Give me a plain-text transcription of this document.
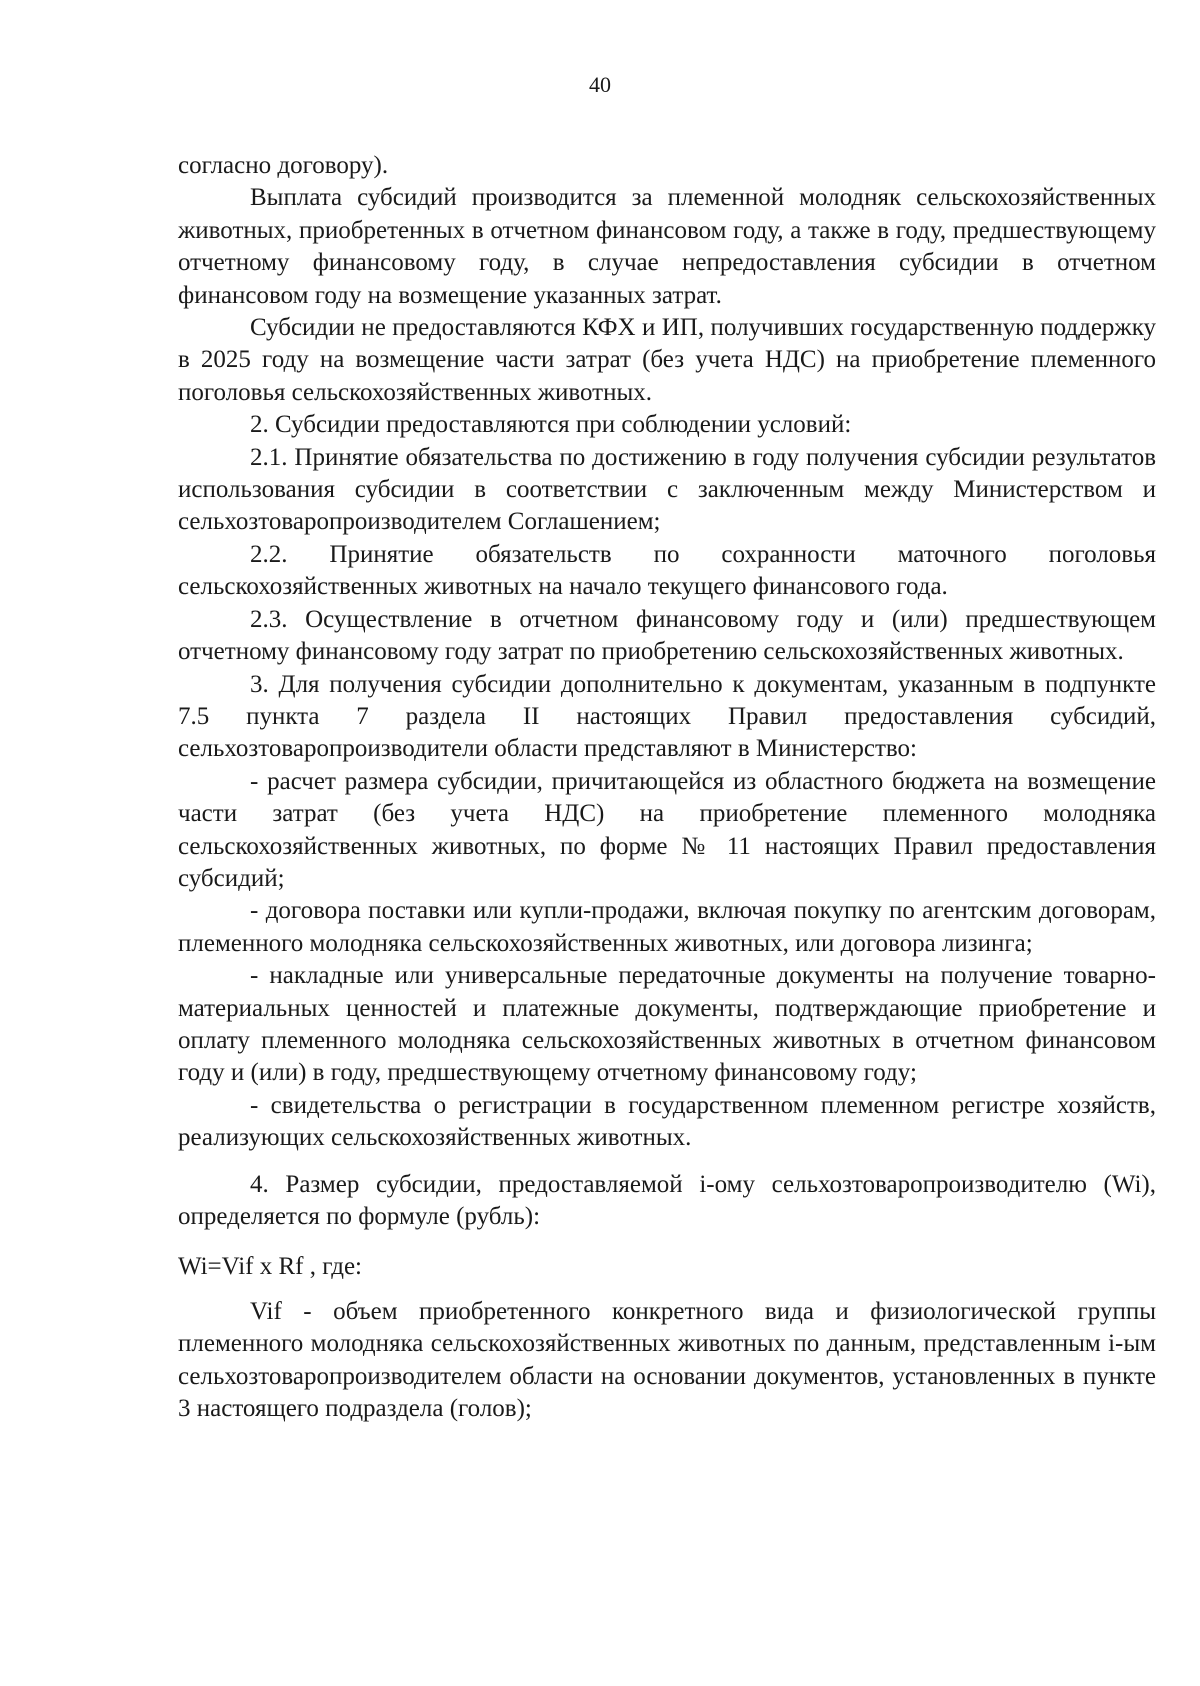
40

согласно договору).

Выплата субсидий производится за племенной молодняк сельскохозяйственных животных, приобретенных в отчетном финансовом году, а также в году, предшествующему отчетному финансовому году, в случае непредоставления субсидии в отчетном финансовом году на возмещение указанных затрат.

Субсидии не предоставляются КФХ и ИП, получивших государственную поддержку в 2025 году на возмещение части затрат (без учета НДС) на приобретение племенного поголовья сельскохозяйственных животных.

2. Субсидии предоставляются при соблюдении условий:

2.1. Принятие обязательства по достижению в году получения субсидии результатов использования субсидии в соответствии с заключенным между Министерством и сельхозтоваропроизводителем Соглашением;

2.2. Принятие обязательств по сохранности маточного поголовья сельскохозяйственных животных на начало текущего финансового года.

2.3. Осуществление в отчетном финансовому году и (или) предшествующем отчетному финансовому году затрат по приобретению сельскохозяйственных животных.

3. Для получения субсидии дополнительно к документам, указанным в подпункте 7.5 пункта 7 раздела II настоящих Правил предоставления субсидий, сельхозтоваропроизводители области представляют в Министерство:

- расчет размера субсидии, причитающейся из областного бюджета на возмещение части затрат (без учета НДС) на приобретение племенного молодняка сельскохозяйственных животных, по форме № 11 настоящих Правил предоставления субсидий;

- договора поставки или купли-продажи, включая покупку по агентским договорам, племенного молодняка сельскохозяйственных животных, или договора лизинга;

- накладные или универсальные передаточные документы на получение товарно-материальных ценностей и платежные документы, подтверждающие приобретение и оплату племенного молодняка сельскохозяйственных животных в отчетном финансовом году и (или) в году, предшествующему отчетному финансовому году;

- свидетельства о регистрации в государственном племенном регистре хозяйств, реализующих сельскохозяйственных животных.

4. Размер субсидии, предоставляемой i-ому сельхозтоваропроизводителю (Wi), определяется по формуле (рубль):

Wi=Vif x Rf , где:

Vif - объем приобретенного конкретного вида и физиологической группы племенного молодняка сельскохозяйственных животных по данным, представленным i-ым сельхозтоваропроизводителем области на основании документов, установленных в пункте 3 настоящего подраздела (голов);
